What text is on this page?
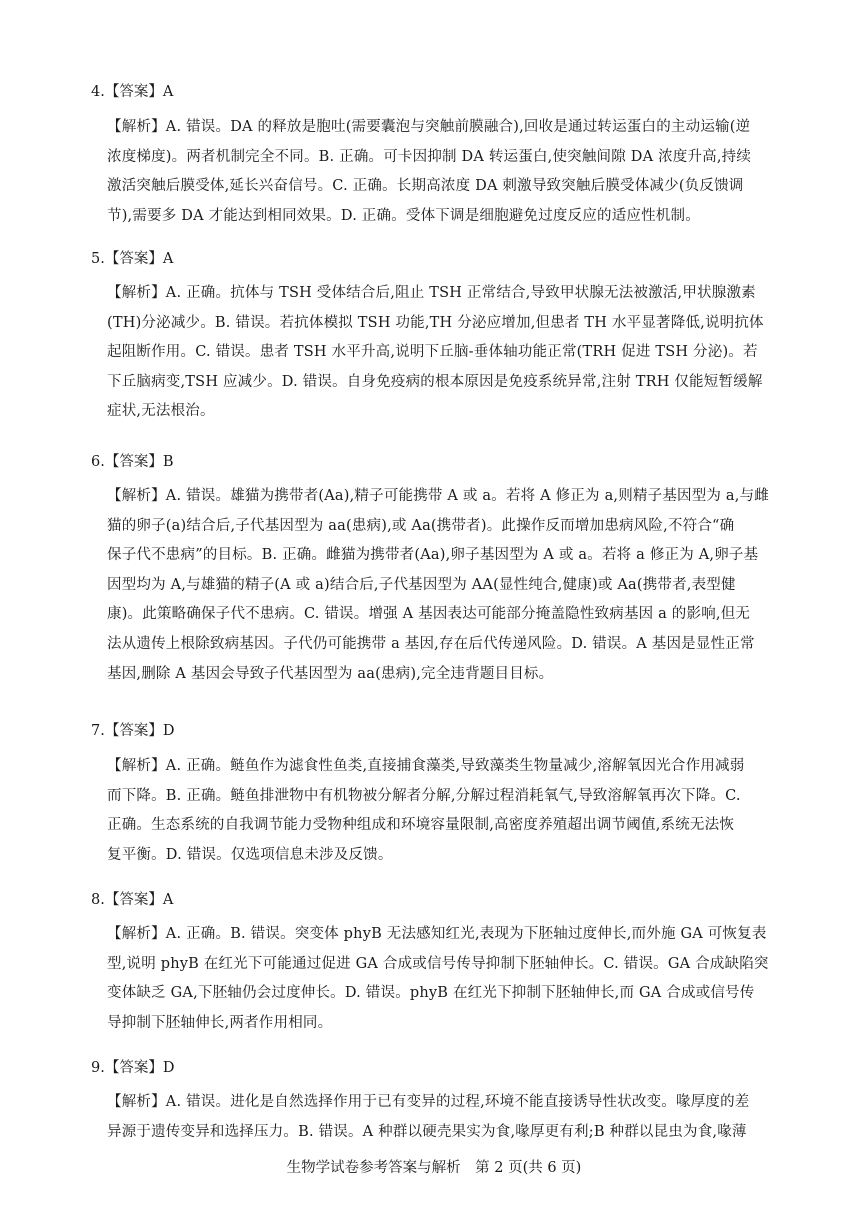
4.【答案】A
【解析】A. 错误。DA 的释放是胞吐(需要囊泡与突触前膜融合),回收是通过转运蛋白的主动运输(逆
浓度梯度)。两者机制完全不同。B. 正确。可卡因抑制 DA 转运蛋白,使突触间隙 DA 浓度升高,持续
激活突触后膜受体,延长兴奋信号。C. 正确。长期高浓度 DA 刺激导致突触后膜受体减少(负反馈调
节),需要多 DA 才能达到相同效果。D. 正确。受体下调是细胞避免过度反应的适应性机制。
5.【答案】A
【解析】A. 正确。抗体与 TSH 受体结合后,阻止 TSH 正常结合,导致甲状腺无法被激活,甲状腺激素
(TH)分泌减少。B. 错误。若抗体模拟 TSH 功能,TH 分泌应增加,但患者 TH 水平显著降低,说明抗体
起阻断作用。C. 错误。患者 TSH 水平升高,说明下丘脑-垂体轴功能正常(TRH 促进 TSH 分泌)。若
下丘脑病变,TSH 应减少。D. 错误。自身免疫病的根本原因是免疫系统异常,注射 TRH 仅能短暂缓解
症状,无法根治。
6.【答案】B
【解析】A. 错误。雄猫为携带者(Aa),精子可能携带 A 或 a。若将 A 修正为 a,则精子基因型为 a,与雌
猫的卵子(a)结合后,子代基因型为 aa(患病),或 Aa(携带者)。此操作反而增加患病风险,不符合“确
保子代不患病”的目标。B. 正确。雌猫为携带者(Aa),卵子基因型为 A 或 a。若将 a 修正为 A,卵子基
因型均为 A,与雄猫的精子(A 或 a)结合后,子代基因型为 AA(显性纯合,健康)或 Aa(携带者,表型健
康)。此策略确保子代不患病。C. 错误。增强 A 基因表达可能部分掩盖隐性致病基因 a 的影响,但无
法从遗传上根除致病基因。子代仍可能携带 a 基因,存在后代传递风险。D. 错误。A 基因是显性正常
基因,删除 A 基因会导致子代基因型为 aa(患病),完全违背题目目标。
7.【答案】D
【解析】A. 正确。鲢鱼作为滤食性鱼类,直接捕食藻类,导致藻类生物量减少,溶解氧因光合作用减弱
而下降。B. 正确。鲢鱼排泄物中有机物被分解者分解,分解过程消耗氧气,导致溶解氧再次下降。C.
正确。生态系统的自我调节能力受物种组成和环境容量限制,高密度养殖超出调节阈值,系统无法恢
复平衡。D. 错误。仅选项信息未涉及反馈。
8.【答案】A
【解析】A. 正确。B. 错误。突变体 phyB 无法感知红光,表现为下胚轴过度伸长,而外施 GA 可恢复表
型,说明 phyB 在红光下可能通过促进 GA 合成或信号传导抑制下胚轴伸长。C. 错误。GA 合成缺陷突
变体缺乏 GA,下胚轴仍会过度伸长。D. 错误。phyB 在红光下抑制下胚轴伸长,而 GA 合成或信号传
导抑制下胚轴伸长,两者作用相同。
9.【答案】D
【解析】A. 错误。进化是自然选择作用于已有变异的过程,环境不能直接诱导性状改变。喙厚度的差
异源于遗传变异和选择压力。B. 错误。A 种群以硬壳果实为食,喙厚更有利;B 种群以昆虫为食,喙薄
生物学试卷参考答案与解析　第 2 页(共 6 页)
